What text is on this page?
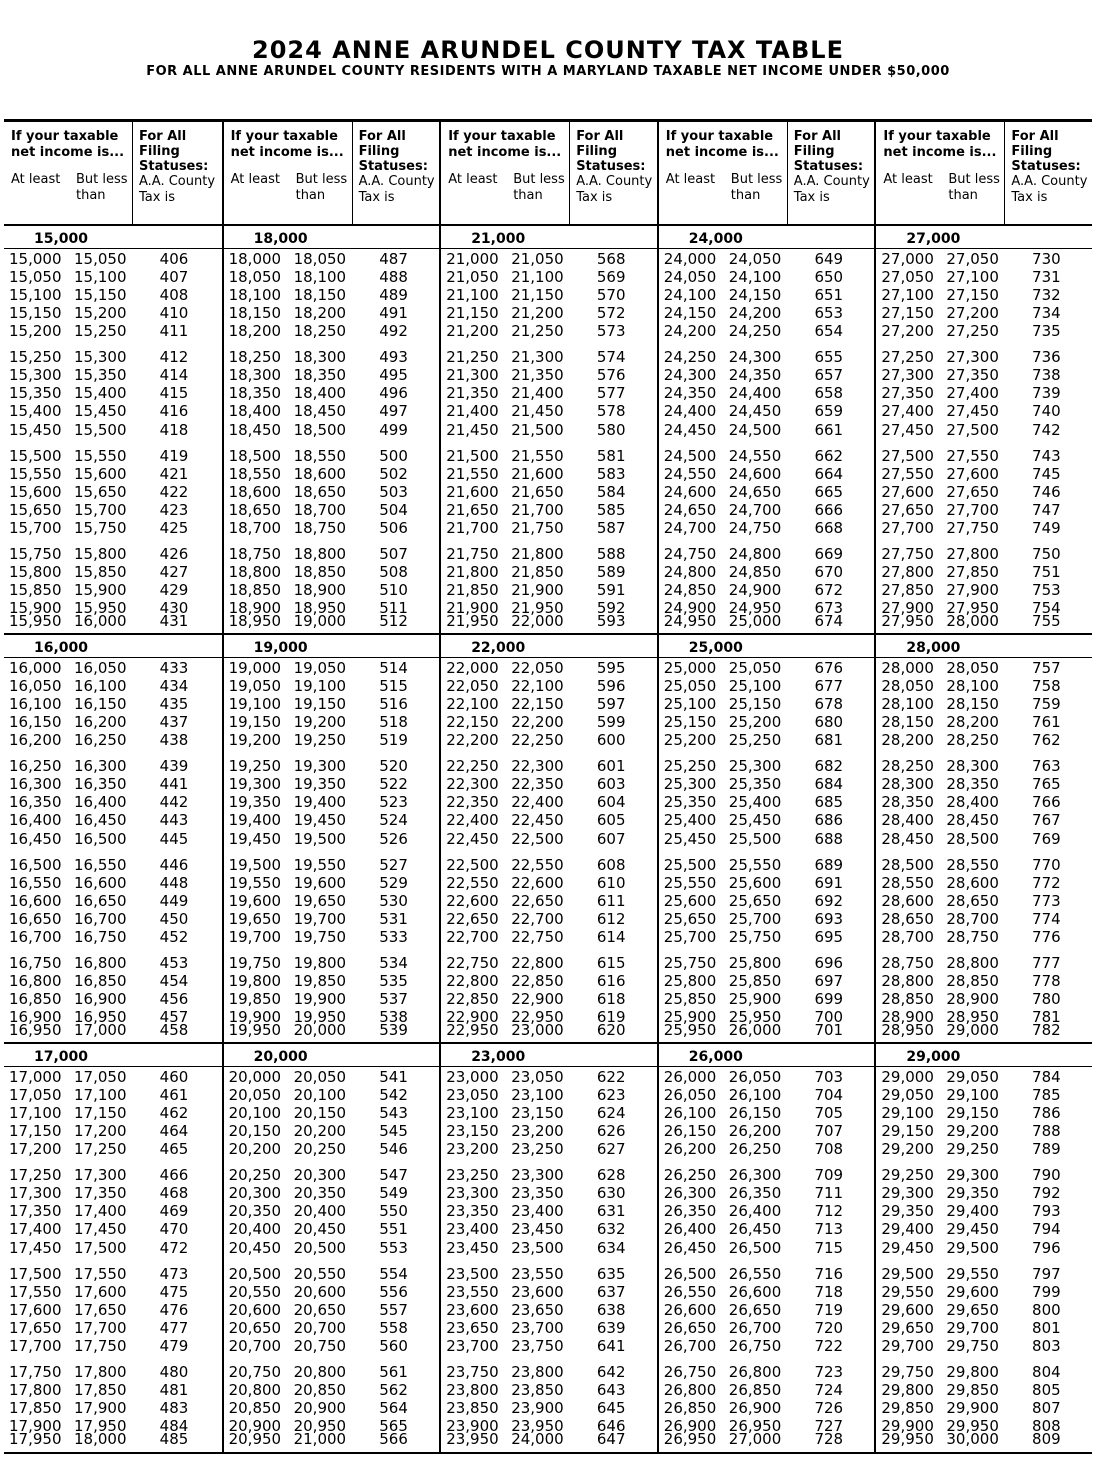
2024 ANNE ARUNDEL COUNTY TAX TABLE
FOR ALL ANNE ARUNDEL COUNTY RESIDENTS WITH A MARYLAND TAXABLE NET INCOME UNDER $50,000
If your taxable net income is...
For All Filing Statuses:
A.A. County Tax is
At least	But less than
15,000
15,000 15,050	406
15,050 15,100	407
15,100 15,150	408
15,150 15,200	410
15,200 15,250	411
15,250 15,300	412
15,300 15,350	414
15,350 15,400	415
15,400 15,450	416
15,450 15,500	418
15,500 15,550	419
15,550 15,600	421
15,600 15,650	422
15,650 15,700	423
15,700 15,750	425
15,750 15,800	426
15,800 15,850	427
15,850 15,900	429
15,900 15,950	430
15,950 16,000	431
16,000
16,000 16,050	433
16,050 16,100	434
16,100 16,150	435
16,150 16,200	437
16,200 16,250	438
16,250 16,300	439
16,300 16,350	441
16,350 16,400	442
16,400 16,450	443
16,450 16,500	445
16,500 16,550	446
16,550 16,600	448
16,600 16,650	449
16,650 16,700	450
16,700 16,750	452
16,750 16,800	453
16,800 16,850	454
16,850 16,900	456
16,900 16,950	457
16,950 17,000	458
17,000
17,000 17,050	460
17,050 17,100	461
17,100 17,150	462
17,150 17,200	464
17,200 17,250	465
17,250 17,300	466
17,300 17,350	468
17,350 17,400	469
17,400 17,450	470
17,450 17,500	472
17,500 17,550	473
17,550 17,600	475
17,600 17,650	476
17,650 17,700	477
17,700 17,750	479
17,750 17,800	480
17,800 17,850	481
17,850 17,900	483
17,900 17,950	484
17,950 18,000	485
If your taxable net income is...
For All Filing Statuses:
A.A. County Tax is
At least	But less than
18,000
18,000 18,050	487
18,050 18,100	488
18,100 18,150	489
18,150 18,200	491
18,200 18,250	492
18,250 18,300	493
18,300 18,350	495
18,350 18,400	496
18,400 18,450	497
18,450 18,500	499
18,500 18,550	500
18,550 18,600	502
18,600 18,650	503
18,650 18,700	504
18,700 18,750	506
18,750 18,800	507
18,800 18,850	508
18,850 18,900	510
18,900 18,950	511
18,950 19,000	512
19,000
19,000 19,050	514
19,050 19,100	515
19,100 19,150	516
19,150 19,200	518
19,200 19,250	519
19,250 19,300	520
19,300 19,350	522
19,350 19,400	523
19,400 19,450	524
19,450 19,500	526
19,500 19,550	527
19,550 19,600	529
19,600 19,650	530
19,650 19,700	531
19,700 19,750	533
19,750 19,800	534
19,800 19,850	535
19,850 19,900	537
19,900 19,950	538
19,950 20,000	539
20,000
20,000 20,050	541
20,050 20,100	542
20,100 20,150	543
20,150 20,200	545
20,200 20,250	546
20,250 20,300	547
20,300 20,350	549
20,350 20,400	550
20,400 20,450	551
20,450 20,500	553
20,500 20,550	554
20,550 20,600	556
20,600 20,650	557
20,650 20,700	558
20,700 20,750	560
20,750 20,800	561
20,800 20,850	562
20,850 20,900	564
20,900 20,950	565
20,950 21,000	566
If your taxable net income is...
For All Filing Statuses:
A.A. County Tax is
At least	But less than
21,000
21,000 21,050	568
21,050 21,100	569
21,100 21,150	570
21,150 21,200	572
21,200 21,250	573
21,250 21,300	574
21,300 21,350	576
21,350 21,400	577
21,400 21,450	578
21,450 21,500	580
21,500 21,550	581
21,550 21,600	583
21,600 21,650	584
21,650 21,700	585
21,700 21,750	587
21,750 21,800	588
21,800 21,850	589
21,850 21,900	591
21,900 21,950	592
21,950 22,000	593
22,000
22,000 22,050	595
22,050 22,100	596
22,100 22,150	597
22,150 22,200	599
22,200 22,250	600
22,250 22,300	601
22,300 22,350	603
22,350 22,400	604
22,400 22,450	605
22,450 22,500	607
22,500 22,550	608
22,550 22,600	610
22,600 22,650	611
22,650 22,700	612
22,700 22,750	614
22,750 22,800	615
22,800 22,850	616
22,850 22,900	618
22,900 22,950	619
22,950 23,000	620
23,000
23,000 23,050	622
23,050 23,100	623
23,100 23,150	624
23,150 23,200	626
23,200 23,250	627
23,250 23,300	628
23,300 23,350	630
23,350 23,400	631
23,400 23,450	632
23,450 23,500	634
23,500 23,550	635
23,550 23,600	637
23,600 23,650	638
23,650 23,700	639
23,700 23,750	641
23,750 23,800	642
23,800 23,850	643
23,850 23,900	645
23,900 23,950	646
23,950 24,000	647
If your taxable net income is...
For All Filing Statuses:
A.A. County Tax is
At least	But less than
24,000
24,000 24,050	649
24,050 24,100	650
24,100 24,150	651
24,150 24,200	653
24,200 24,250	654
24,250 24,300	655
24,300 24,350	657
24,350 24,400	658
24,400 24,450	659
24,450 24,500	661
24,500 24,550	662
24,550 24,600	664
24,600 24,650	665
24,650 24,700	666
24,700 24,750	668
24,750 24,800	669
24,800 24,850	670
24,850 24,900	672
24,900 24,950	673
24,950 25,000	674
25,000
25,000 25,050	676
25,050 25,100	677
25,100 25,150	678
25,150 25,200	680
25,200 25,250	681
25,250 25,300	682
25,300 25,350	684
25,350 25,400	685
25,400 25,450	686
25,450 25,500	688
25,500 25,550	689
25,550 25,600	691
25,600 25,650	692
25,650 25,700	693
25,700 25,750	695
25,750 25,800	696
25,800 25,850	697
25,850 25,900	699
25,900 25,950	700
25,950 26,000	701
26,000
26,000 26,050	703
26,050 26,100	704
26,100 26,150	705
26,150 26,200	707
26,200 26,250	708
26,250 26,300	709
26,300 26,350	711
26,350 26,400	712
26,400 26,450	713
26,450 26,500	715
26,500 26,550	716
26,550 26,600	718
26,600 26,650	719
26,650 26,700	720
26,700 26,750	722
26,750 26,800	723
26,800 26,850	724
26,850 26,900	726
26,900 26,950	727
26,950 27,000	728
If your taxable net income is...
For All Filing Statuses:
A.A. County Tax is
At least	But less than
27,000
27,000 27,050	730
27,050 27,100	731
27,100 27,150	732
27,150 27,200	734
27,200 27,250	735
27,250 27,300	736
27,300 27,350	738
27,350 27,400	739
27,400 27,450	740
27,450 27,500	742
27,500 27,550	743
27,550 27,600	745
27,600 27,650	746
27,650 27,700	747
27,700 27,750	749
27,750 27,800	750
27,800 27,850	751
27,850 27,900	753
27,900 27,950	754
27,950 28,000	755
28,000
28,000 28,050	757
28,050 28,100	758
28,100 28,150	759
28,150 28,200	761
28,200 28,250	762
28,250 28,300	763
28,300 28,350	765
28,350 28,400	766
28,400 28,450	767
28,450 28,500	769
28,500 28,550	770
28,550 28,600	772
28,600 28,650	773
28,650 28,700	774
28,700 28,750	776
28,750 28,800	777
28,800 28,850	778
28,850 28,900	780
28,900 28,950	781
28,950 29,000	782
29,000
29,000 29,050	784
29,050 29,100	785
29,100 29,150	786
29,150 29,200	788
29,200 29,250	789
29,250 29,300	790
29,300 29,350	792
29,350 29,400	793
29,400 29,450	794
29,450 29,500	796
29,500 29,550	797
29,550 29,600	799
29,600 29,650	800
29,650 29,700	801
29,700 29,750	803
29,750 29,800	804
29,800 29,850	805
29,850 29,900	807
29,900 29,950	808
29,950 30,000	809
